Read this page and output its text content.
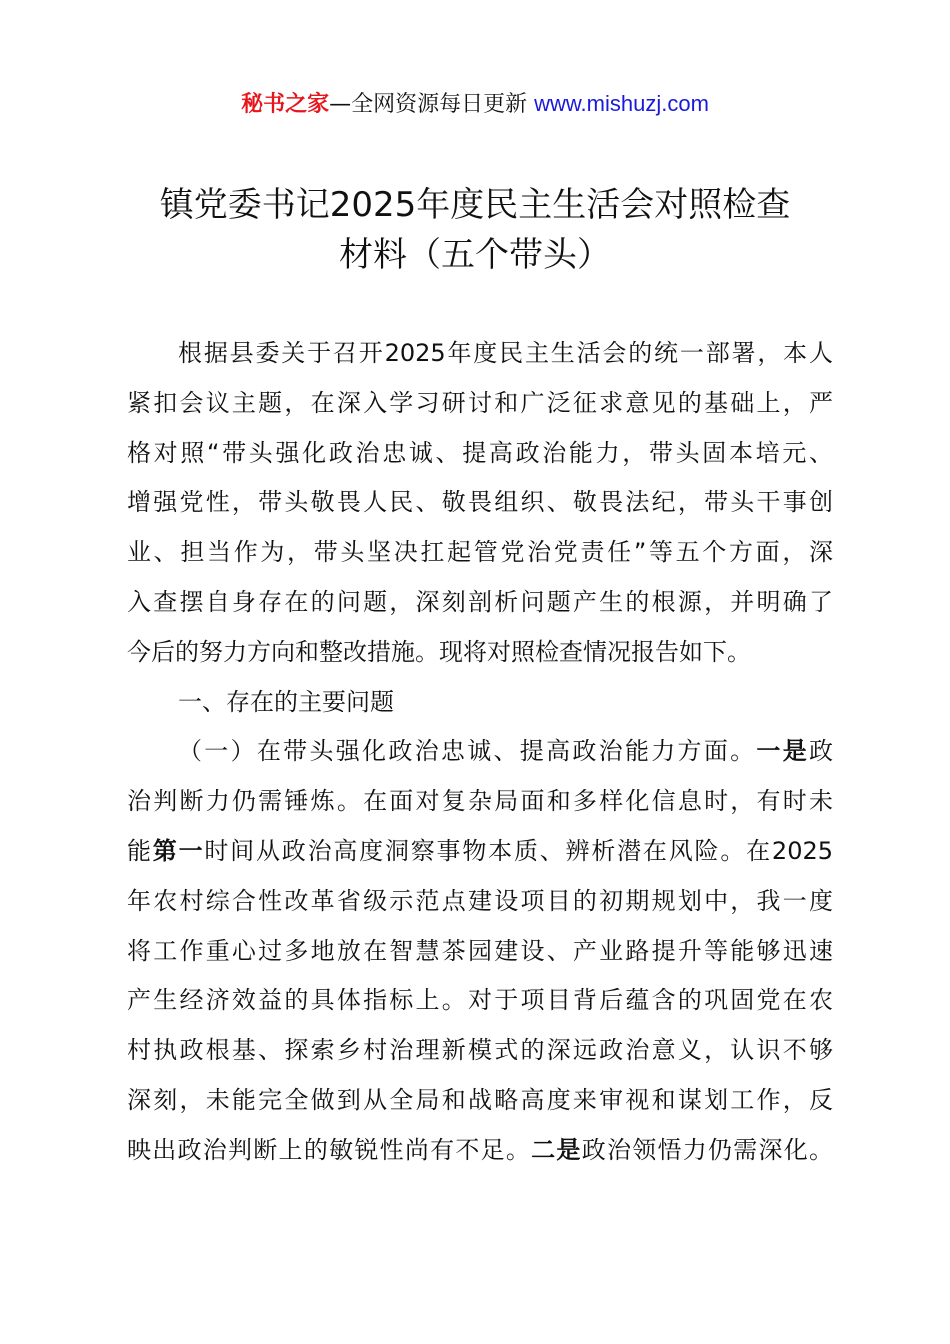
秘书之家—全网资源每日更新 www.mishuzj.com
镇党委书记2025年度民主生活会对照检查
材料（五个带头）
根据县委关于召开2025年度民主生活会的统一部署，本人
紧扣会议主题，在深入学习研讨和广泛征求意见的基础上，严
格对照“带头强化政治忠诚、提高政治能力，带头固本培元、
增强党性，带头敬畏人民、敬畏组织、敬畏法纪，带头干事创
业、担当作为，带头坚决扛起管党治党责任”等五个方面，深
入查摆自身存在的问题，深刻剖析问题产生的根源，并明确了
今后的努力方向和整改措施。现将对照检查情况报告如下。
一、存在的主要问题
（一）在带头强化政治忠诚、提高政治能力方面。一是政
治判断力仍需锤炼。在面对复杂局面和多样化信息时，有时未
能第一时间从政治高度洞察事物本质、辨析潜在风险。在2025
年农村综合性改革省级示范点建设项目的初期规划中，我一度
将工作重心过多地放在智慧茶园建设、产业路提升等能够迅速
产生经济效益的具体指标上。对于项目背后蕴含的巩固党在农
村执政根基、探索乡村治理新模式的深远政治意义，认识不够
深刻，未能完全做到从全局和战略高度来审视和谋划工作，反
映出政治判断上的敏锐性尚有不足。二是政治领悟力仍需深化。
